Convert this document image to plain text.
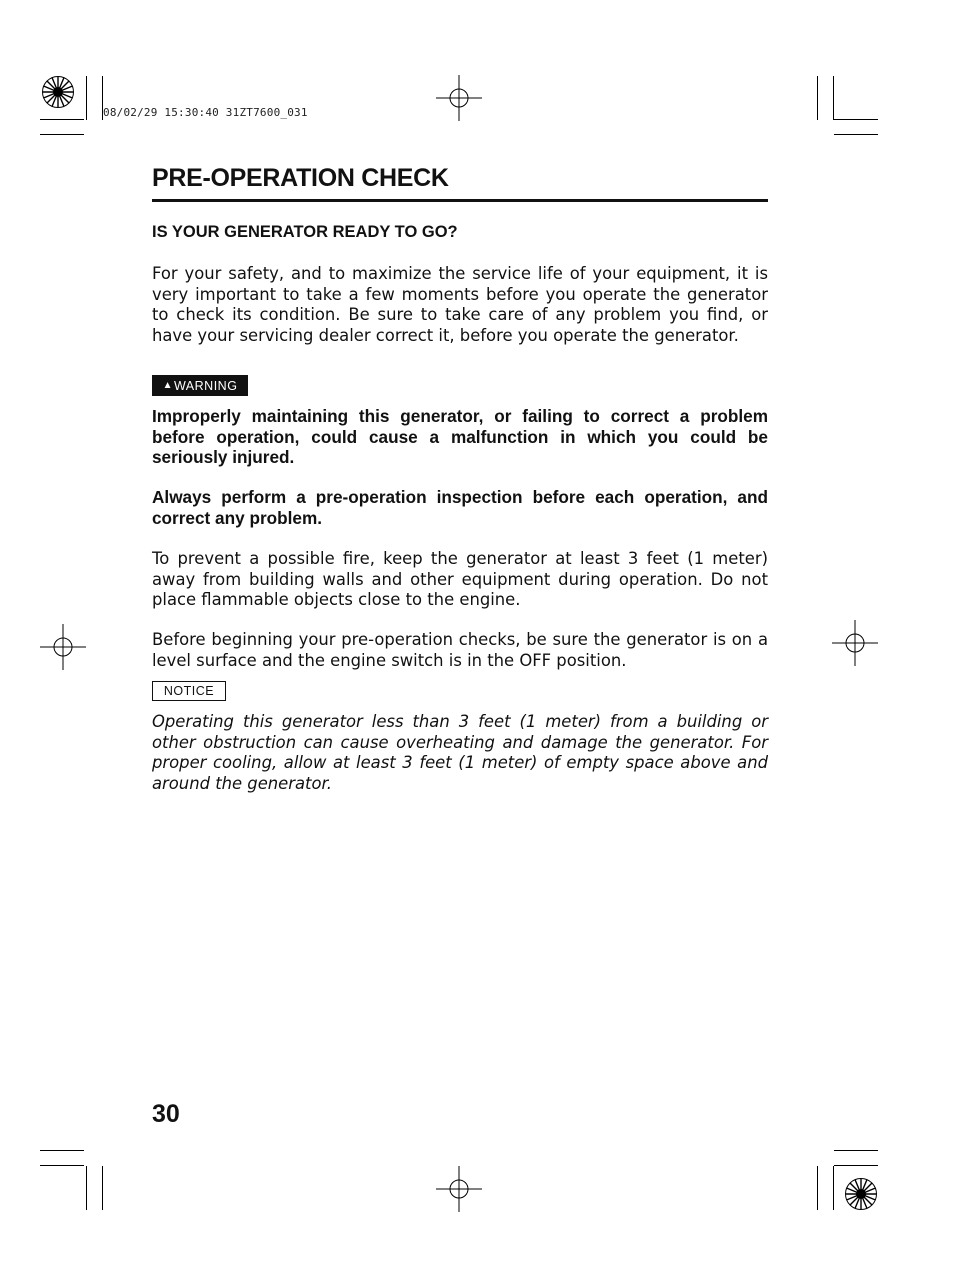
08/02/29 15:30:40 31ZT7600_031
PRE-OPERATION CHECK
IS YOUR GENERATOR READY TO GO?

For your safety, and to maximize the service life of your equipment, it is very important to take a few moments before you operate the generator to check its condition. Be sure to take care of any problem you find, or have your servicing dealer correct it, before you operate the generator.

▲ WARNING

Improperly maintaining this generator, or failing to correct a problem before operation, could cause a malfunction in which you could be seriously injured.

Always perform a pre-operation inspection before each operation, and correct any problem.

To prevent a possible fire, keep the generator at least 3 feet (1 meter) away from building walls and other equipment during operation. Do not place flammable objects close to the engine.

Before beginning your pre-operation checks, be sure the generator is on a level surface and the engine switch is in the OFF position.

NOTICE

Operating this generator less than 3 feet (1 meter) from a building or other obstruction can cause overheating and damage the generator. For proper cooling, allow at least 3 feet (1 meter) of empty space above and around the generator.

30
